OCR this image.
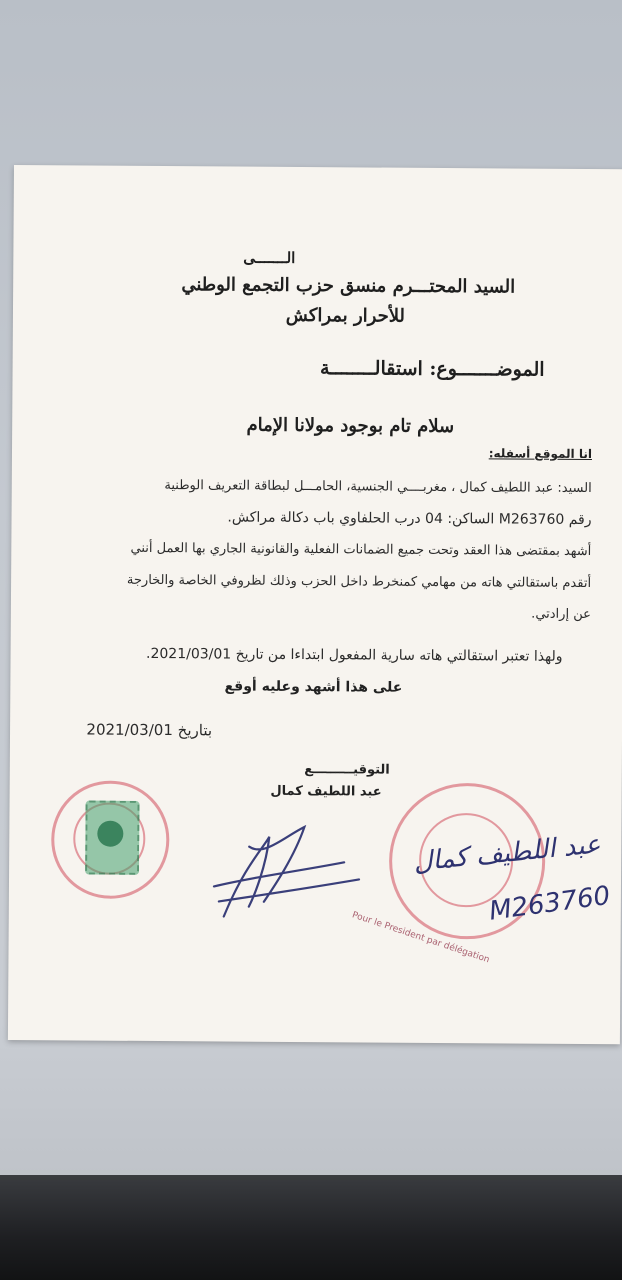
الـــــــى
السيد المحتـــرم منسق حزب التجمع الوطني
للأحرار بمراكش
الموضـــــــوع: استقالــــــــة
سلام تام بوجود مولانا الإمام
انا الموقع أسفله:
السيد: عبد اللطيف كمال ، مغربــــي الجنسية، الحامـــل لبطاقة التعريف الوطنية
رقم M263760 الساكن: 04 درب الحلفاوي باب دكالة مراكش.
أشهد بمقتضى هذا العقد وتحت جميع الضمانات الفعلية والقانونية الجاري بها العمل أنني
أتقدم باستقالتي هاته من مهامي كمنخرط داخل الحزب وذلك لظروفي الخاصة والخارجة
عن إرادتي.
ولهذا تعتبر استقالتي هاته سارية المفعول ابتداءا من تاريخ 2021/03/01.
على هذا أشهد وعليه أوقع
بتاريخ 2021/03/01
التوقيـــــــــع
عبد اللطيف كمال
Pour le President par délégation
عبد اللطيف كمال
M263760
